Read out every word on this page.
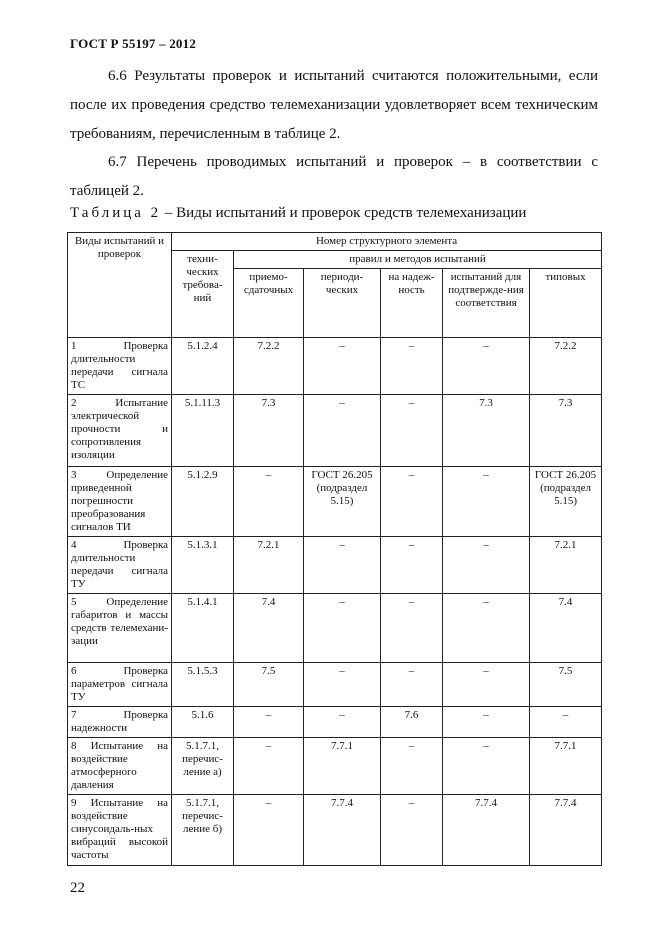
ГОСТ Р 55197 – 2012
6.6 Результаты проверок и испытаний считаются положительными, если после их проведения средство телемеханизации удовлетворяет всем техническим требованиям, перечисленным в таблице 2.
6.7 Перечень проводимых испытаний и проверок – в соответствии с таблицей 2.
Таблица 2 – Виды испытаний и проверок средств телемеханизации
Виды испытаний и проверок	Номер структурного элемента					
	техни-ческих требова-ний	правил и методов испытаний				
		приемо-сдаточных	периоди-ческих	на надеж-ность	испытаний для подтвержде-ния соответствия	типовых
1 Проверка длительности передачи сигнала ТС	5.1.2.4	7.2.2	–	–	–	7.2.2
2 Испытание электрической прочности и сопротивления изоляции	5.1.11.3	7.3	–	–	7.3	7.3
3 Определение приведенной погрешности преобразования сигналов ТИ	5.1.2.9	–	ГОСТ 26.205 (подраздел 5.15)	–	–	ГОСТ 26.205 (подраздел 5.15)
4 Проверка длительности передачи сигнала ТУ	5.1.3.1	7.2.1	–	–	–	7.2.1
5 Определение габаритов и массы средств телемехани-зации	5.1.4.1	7.4	–	–	–	7.4
6 Проверка параметров сигнала ТУ	5.1.5.3	7.5	–	–	–	7.5
7 Проверка надежности	5.1.6	–	–	7.6	–	–
8 Испытание на воздействие атмосферного давления	5.1.7.1, перечис-ление а)	–	7.7.1	–	–	7.7.1
9 Испытание на воздействие синусоидаль-ных вибраций высокой частоты	5.1.7.1, перечис-ление б)	–	7.7.4	–	7.7.4	7.7.4
22
